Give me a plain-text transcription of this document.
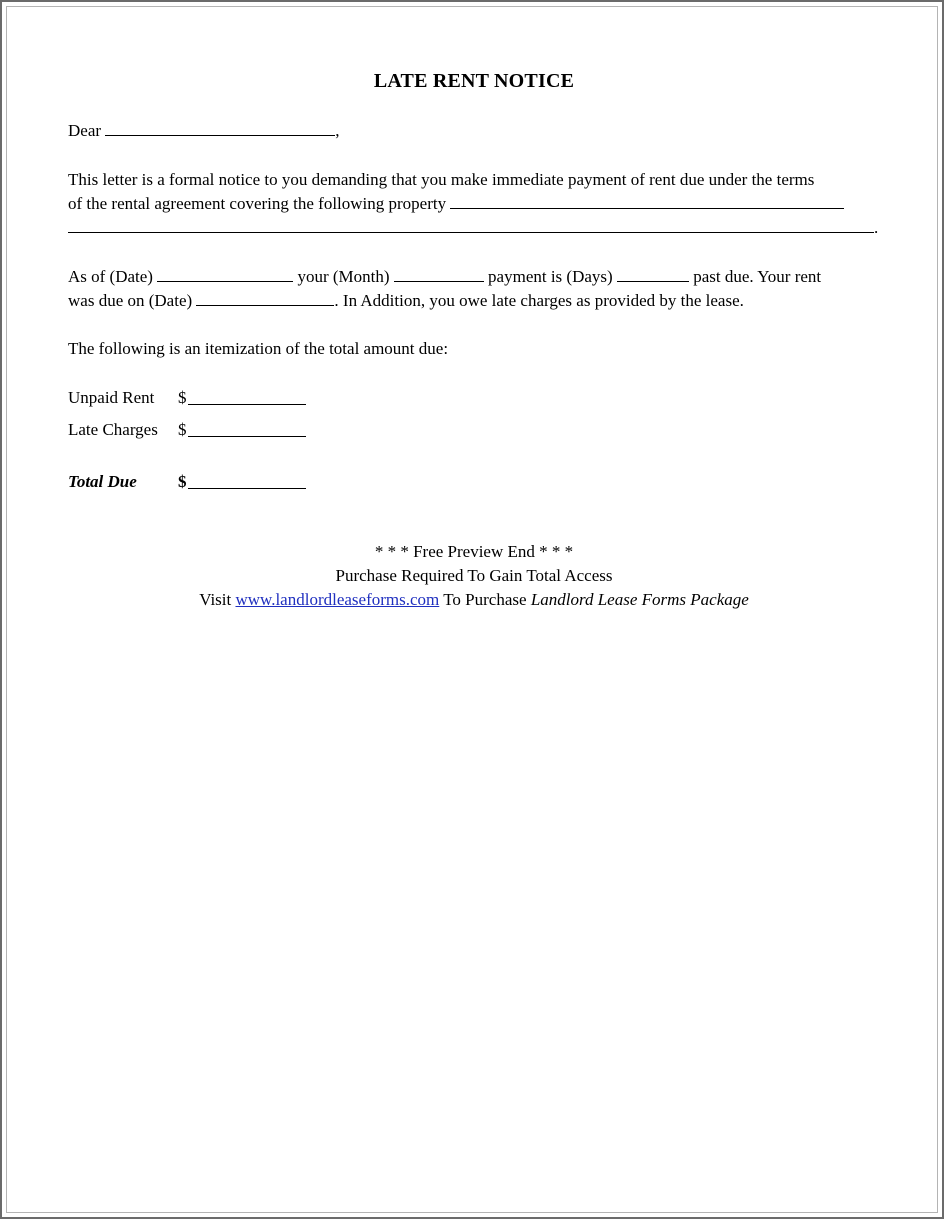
LATE RENT NOTICE
Dear	,
This letter is a formal notice to you demanding that you make immediate payment of rent due under the terms
of the rental agreement covering the following property
.
As of (Date)	your (Month)	payment is (Days)	past due. Your rent
was due on (Date)	. In Addition, you owe late charges as provided by the lease.
The following is an itemization of the total amount due:
Unpaid Rent $
Late Charges $
Total Due $
* * * Free Preview End * * *
Purchase Required To Gain Total Access
Visit www.landlordleaseforms.com To Purchase Landlord Lease Forms Package
